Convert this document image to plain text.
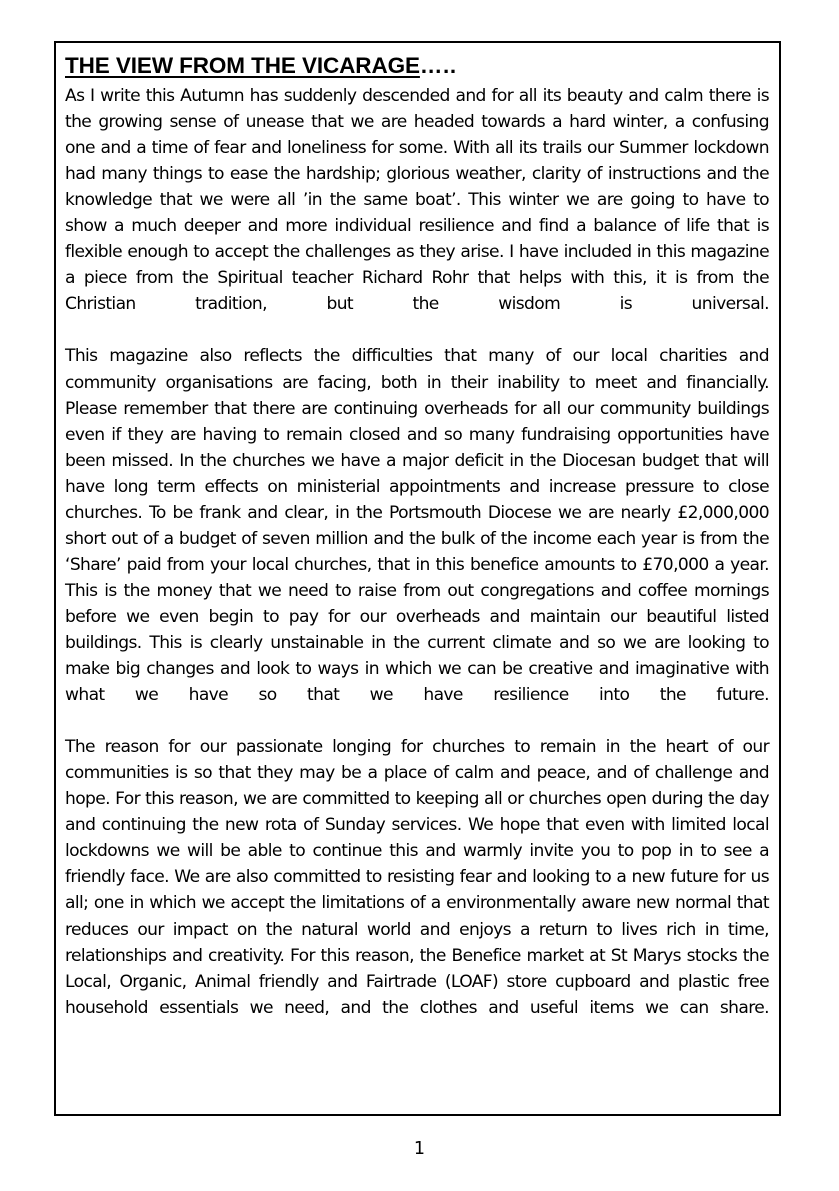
THE VIEW FROM THE VICARAGE…..

As I write this Autumn has suddenly descended and for all its beauty and calm there is the growing sense of unease that we are headed towards a hard winter, a confusing one and a time of fear and loneliness for some. With all its trails our Summer lockdown had many things to ease the hardship; glorious weather, clarity of instructions and the knowledge that we were all ’in the same boat’. This winter we are going to have to show a much deeper and more individual resilience and find a balance of life that is flexible enough to accept the challenges as they arise. I have included in this magazine a piece from the Spiritual teacher Richard Rohr that helps with this, it is from the Christian tradition, but the wisdom is universal.

This magazine also reflects the difficulties that many of our local charities and community organisations are facing, both in their inability to meet and financially. Please remember that there are continuing overheads for all our community buildings even if they are having to remain closed and so many fundraising opportunities have been missed. In the churches we have a major deficit in the Diocesan budget that will have long term effects on ministerial appointments and increase pressure to close churches. To be frank and clear, in the Portsmouth Diocese we are nearly £2,000,000 short out of a budget of seven million and the bulk of the income each year is from the ‘Share’ paid from your local churches, that in this benefice amounts to £70,000 a year. This is the money that we need to raise from out congregations and coffee mornings before we even begin to pay for our overheads and maintain our beautiful listed buildings. This is clearly unstainable in the current climate and so we are looking to make big changes and look to ways in which we can be creative and imaginative with what we have so that we have resilience into the future.

The reason for our passionate longing for churches to remain in the heart of our communities is so that they may be a place of calm and peace, and of challenge and hope. For this reason, we are committed to keeping all or churches open during the day and continuing the new rota of Sunday services. We hope that even with limited local lockdowns we will be able to continue this and warmly invite you to pop in to see a friendly face. We are also committed to resisting fear and looking to a new future for us all; one in which we accept the limitations of a environmentally aware new normal that reduces our impact on the natural world and enjoys a return to lives rich in time, relationships and creativity. For this reason, the Benefice market at St Marys stocks the Local, Organic, Animal friendly and Fairtrade (LOAF) store cupboard and plastic free household essentials we need, and the clothes and useful items we can share.

1
